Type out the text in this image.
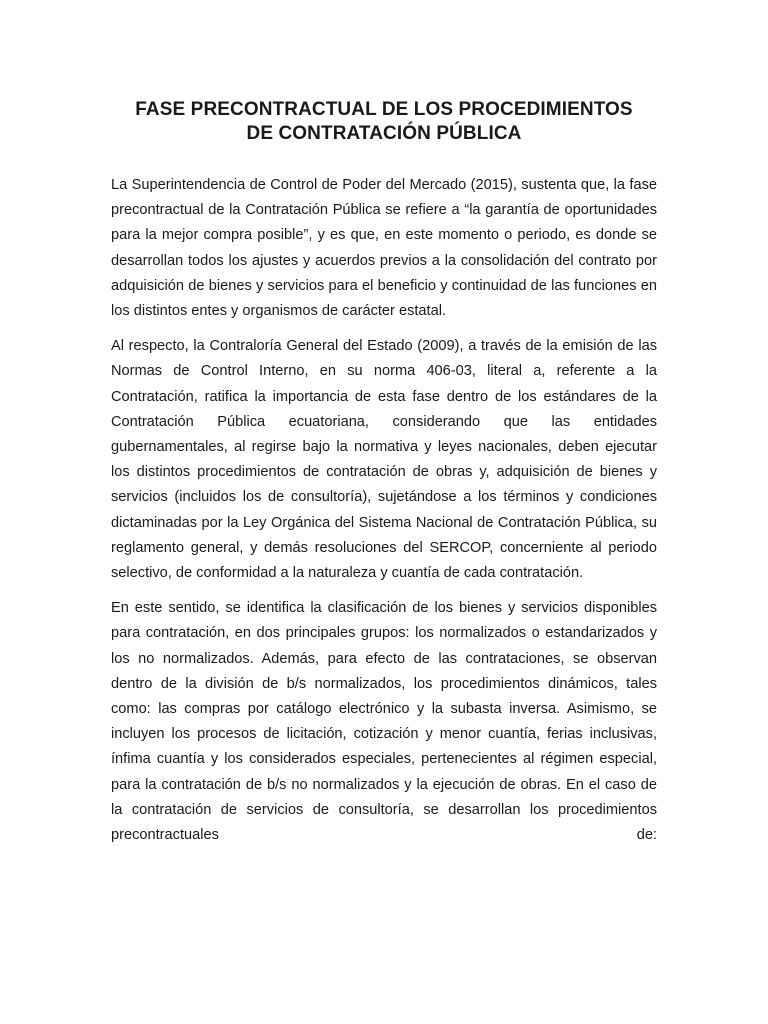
FASE PRECONTRACTUAL DE LOS PROCEDIMIENTOS
DE CONTRATACIÓN PÚBLICA

La Superintendencia de Control de Poder del Mercado (2015), sustenta que, la fase precontractual de la Contratación Pública se refiere a “la garantía de oportunidades para la mejor compra posible”, y es que, en este momento o periodo, es donde se desarrollan todos los ajustes y acuerdos previos a la consolidación del contrato por adquisición de bienes y servicios para el beneficio y continuidad de las funciones en los distintos entes y organismos de carácter estatal.

Al respecto, la Contraloría General del Estado (2009), a través de la emisión de las Normas de Control Interno, en su norma 406-03, literal a, referente a la Contratación, ratifica la importancia de esta fase dentro de los estándares de la Contratación Pública ecuatoriana, considerando que las entidades gubernamentales, al regirse bajo la normativa y leyes nacionales, deben ejecutar los distintos procedimientos de contratación de obras y, adquisición de bienes y servicios (incluidos los de consultoría), sujetándose a los términos y condiciones dictaminadas por la Ley Orgánica del Sistema Nacional de Contratación Pública, su reglamento general, y demás resoluciones del SERCOP, concerniente al periodo selectivo, de conformidad a la naturaleza y cuantía de cada contratación.

En este sentido, se identifica la clasificación de los bienes y servicios disponibles para contratación, en dos principales grupos: los normalizados o estandarizados y los no normalizados. Además, para efecto de las contrataciones, se observan dentro de la división de b/s normalizados, los procedimientos dinámicos, tales como: las compras por catálogo electrónico y la subasta inversa. Asimismo, se incluyen los procesos de licitación, cotización y menor cuantía, ferias inclusivas, ínfima cuantía y los considerados especiales, pertenecientes al régimen especial, para la contratación de b/s no normalizados y la ejecución de obras. En el caso de la contratación de servicios de consultoría, se desarrollan los procedimientos precontractuales de:
